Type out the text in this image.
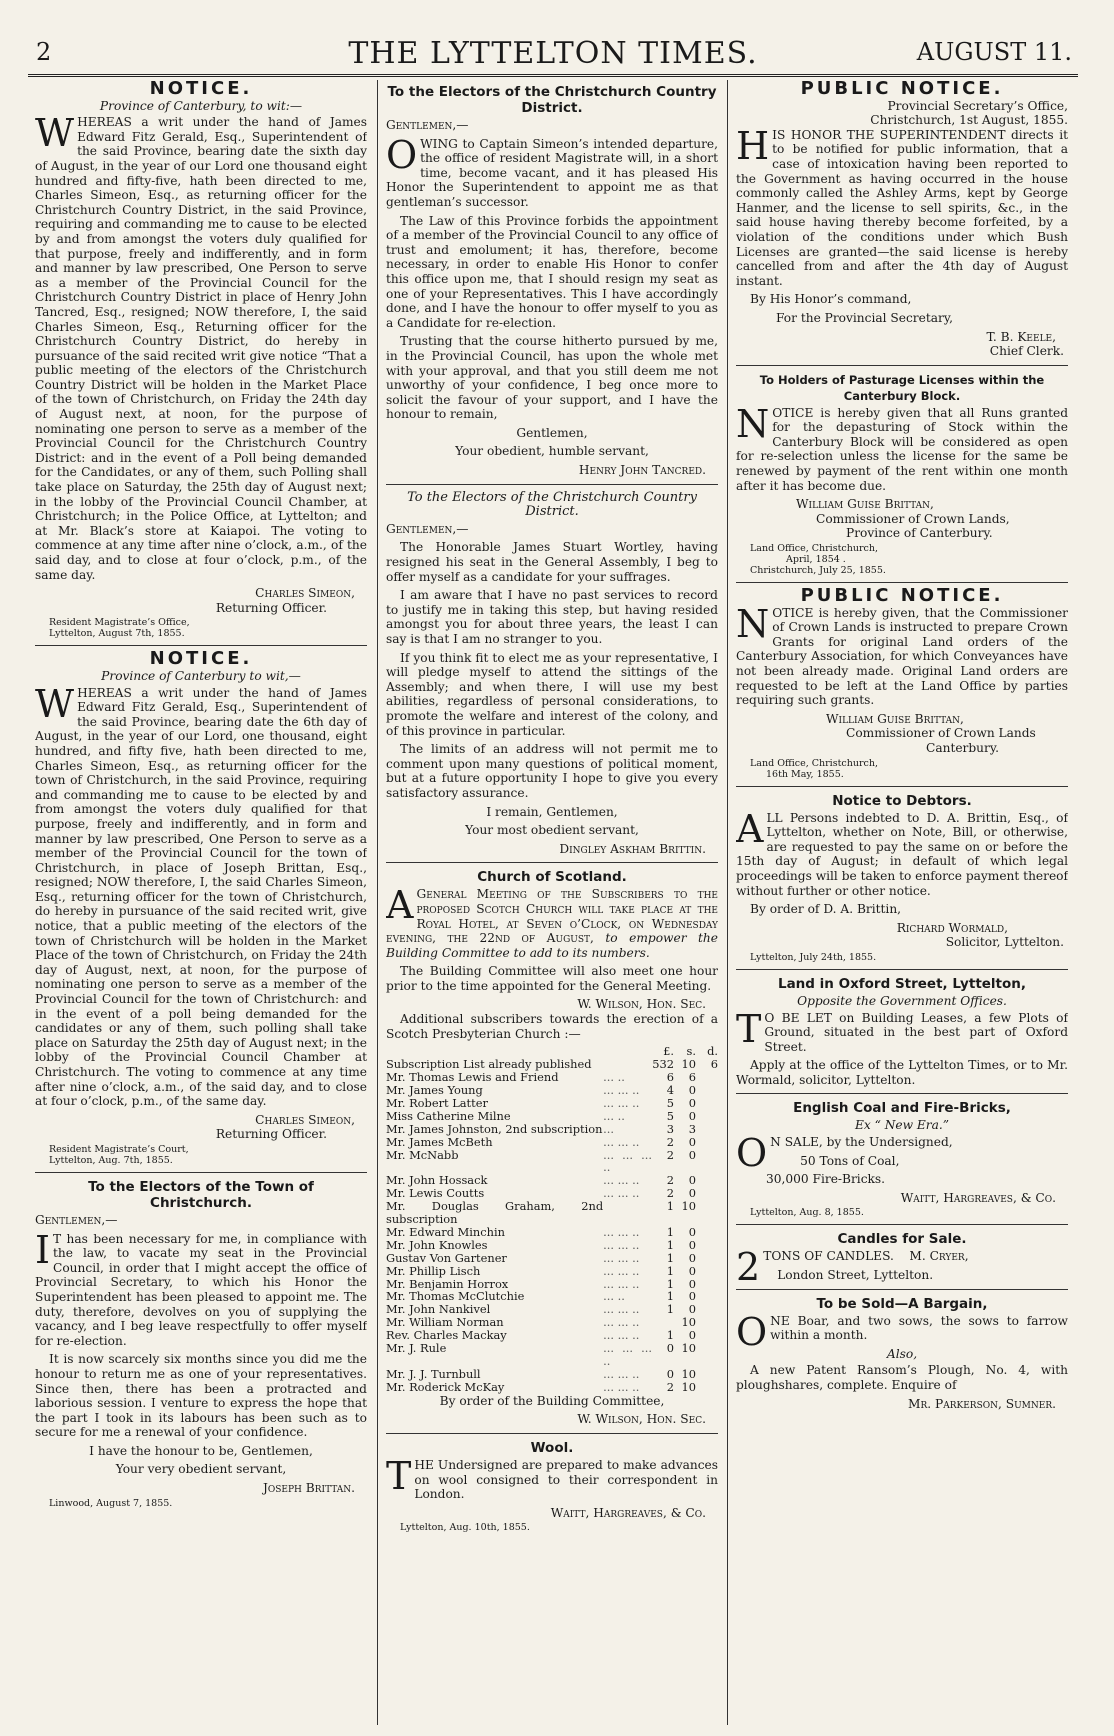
2	THE LYTTELTON TIMES.	AUGUST 11.
NOTICE.
Province of Canterbury, to wit:—

WHEREAS a writ under the hand of James Edward Fitz Gerald, Esq., Superintendent of the said Province, bearing date the sixth day of August, in the year of our Lord one thousand eight hundred and fifty-five, hath been directed to me, Charles Simeon, Esq., as returning officer for the Christchurch Country District, in the said Province, requiring and commanding me to cause to be elected by and from amongst the voters duly qualified for that purpose, freely and indifferently, and in form and manner by law prescribed, One Person to serve as a member of the Provincial Council for the Christchurch Country District in place of Henry John Tancred, Esq., resigned; NOW therefore, I, the said Charles Simeon, Esq., Returning officer for the Christchurch Country District, do hereby in pursuance of the said recited writ give notice “That a public meeting of the electors of the Christchurch Country District will be holden in the Market Place of the town of Christchurch, on Friday the 24th day of August next, at noon, for the purpose of nominating one person to serve as a member of the Provincial Council for the Christchurch Country District: and in the event of a Poll being demanded for the Candidates, or any of them, such Polling shall take place on Saturday, the 25th day of August next; in the lobby of the Provincial Council Chamber, at Christchurch; in the Police Office, at Lyttelton; and at Mr. Black’s store at Kaiapoi. The voting to commence at any time after nine o’clock, a.m., of the said day, and to close at four o’clock, p.m., of the same day.

Charles Simeon,
Returning Officer.
Resident Magistrate’s Office,
Lyttelton, August 7th, 1855.
NOTICE.
Province of Canterbury to wit,—

WHEREAS a writ under the hand of James Edward Fitz Gerald, Esq., Superintendent of the said Province, bearing date the 6th day of August, in the year of our Lord, one thousand, eight hundred, and fifty five, hath been directed to me, Charles Simeon, Esq., as returning officer for the town of Christchurch, in the said Province, requiring and commanding me to cause to be elected by and from amongst the voters duly qualified for that purpose, freely and indifferently, and in form and manner by law prescribed, One Person to serve as a member of the Provincial Council for the town of Christchurch, in place of Joseph Brittan, Esq., resigned; NOW therefore, I, the said Charles Simeon, Esq., returning officer for the town of Christchurch, do hereby in pursuance of the said recited writ, give notice, that a public meeting of the electors of the town of Christchurch will be holden in the Market Place of the town of Christchurch, on Friday the 24th day of August, next, at noon, for the purpose of nominating one person to serve as a member of the Provincial Council for the town of Christchurch: and in the event of a poll being demanded for the candidates or any of them, such polling shall take place on Saturday the 25th day of August next; in the lobby of the Provincial Council Chamber at Christchurch. The voting to commence at any time after nine o’clock, a.m., of the said day, and to close at four o’clock, p.m., of the same day.

Charles Simeon,
Returning Officer.
Resident Magistrate’s Court,
Lyttelton, Aug. 7th, 1855.
To the Electors of the Town of Christchurch.

Gentlemen,—

I T has been necessary for me, in compliance with the law, to vacate my seat in the Provincial Council, in order that I might accept the office of Provincial Secretary, to which his Honor the Superintendent has been pleased to appoint me. The duty, therefore, devolves on you of supplying the vacancy, and I beg leave respectfully to offer myself for re-election.

It is now scarcely six months since you did me the honour to return me as one of your representatives. Since then, there has been a protracted and laborious session. I venture to express the hope that the part I took in its labours has been such as to secure for me a renewal of your confidence.

I have the honour to be, Gentlemen,

Your very obedient servant,

Joseph Brittan.
Linwood, August 7, 1855.
To the Electors of the Christchurch Country District.

Gentlemen,—

OWING to Captain Simeon’s intended departure, the office of resident Magistrate will, in a short time, become vacant, and it has pleased His Honor the Superintendent to appoint me as that gentleman’s successor.

The Law of this Province forbids the appointment of a member of the Provincial Council to any office of trust and emolument; it has, therefore, become necessary, in order to enable His Honor to confer this office upon me, that I should resign my seat as one of your Representatives. This I have accordingly done, and I have the honour to offer myself to you as a Candidate for re-election.

Trusting that the course hitherto pursued by me, in the Provincial Council, has upon the whole met with your approval, and that you still deem me not unworthy of your confidence, I beg once more to solicit the favour of your support, and I have the honour to remain,

Gentlemen,

Your obedient, humble servant,

Henry John Tancred.
To the Electors of the Christchurch Country District.

Gentlemen,—

The Honorable James Stuart Wortley, having resigned his seat in the General Assembly, I beg to offer myself as a candidate for your suffrages.

I am aware that I have no past services to record to justify me in taking this step, but having resided amongst you for about three years, the least I can say is that I am no stranger to you.

If you think fit to elect me as your representative, I will pledge myself to attend the sittings of the Assembly; and when there, I will use my best abilities, regardless of personal considerations, to promote the welfare and interest of the colony, and of this province in particular.

The limits of an address will not permit me to comment upon many questions of political moment, but at a future opportunity I hope to give you every satisfactory assurance.

I remain, Gentlemen,

Your most obedient servant,

Dingley Askham Brittin.
Church of Scotland.

A General Meeting of the Subscribers to the proposed Scotch Church will take place at the Royal Hotel, at Seven o’Clock, on Wednesday evening, the 22nd of August, to empower the Building Committee to add to its numbers.

The Building Committee will also meet one hour prior to the time appointed for the General Meeting.

W. Wilson, Hon. Sec.

Additional subscribers towards the erection of a Scotch Presbyterian Church :—

		£.	s.	d.
Subscription List already published		532	10	6
Mr. Thomas Lewis and Friend	... ..	6	6	
Mr. James Young	... ... ..	4	0	
Mr. Robert Latter	... ... ..	5	0	
Miss Catherine Milne	... ..	5	0	
Mr. James Johnston, 2nd subscription	...	3	3	
Mr. James McBeth	... ... ..	2	0	
Mr. McNabb	... ... ... ..	2	0	
Mr. John Hossack	... ... ..	2	0	
Mr. Lewis Coutts	... ... ..	2	0	
Mr. Douglas Graham, 2nd subscription		1	10	
Mr. Edward Minchin	... ... ..	1	0	
Mr. John Knowles	... ... ..	1	0	
Gustav Von Gartener	... ... ..	1	0	
Mr. Phillip Lisch	... ... ..	1	0	
Mr. Benjamin Horrox	... ... ..	1	0	
Mr. Thomas McClutchie	... ..	1	0	
Mr. John Nankivel	... ... ..	1	0	
Mr. William Norman	... ... ..		10	
Rev. Charles Mackay	... ... ..	1	0	
Mr. J. Rule	... ... ... ..	0	10	
Mr. J. J. Turnbull	... ... ..	0	10	
Mr. Roderick McKay	... ... ..	2	10	

By order of the Building Committee,

W. Wilson, Hon. Sec.
Wool.

THE Undersigned are prepared to make advances on wool consigned to their correspondent in London.

Waitt, Hargreaves, & Co.
Lyttelton, Aug. 10th, 1855.
PUBLIC NOTICE.
Provincial Secretary’s Office,
Christchurch, 1st August, 1855.

HIS HONOR THE SUPERINTENDENT directs it to be notified for public information, that a case of intoxication having been reported to the Government as having occurred in the house commonly called the Ashley Arms, kept by George Hanmer, and the license to sell spirits, &c., in the said house having thereby become forfeited, by a violation of the conditions under which Bush Licenses are granted—the said license is hereby cancelled from and after the 4th day of August instant.

By His Honor’s command,

For the Provincial Secretary,

T. B. Keele,
Chief Clerk.
To Holders of Pasturage Licenses within the Canterbury Block.

NOTICE is hereby given that all Runs granted for the depasturing of Stock within the Canterbury Block will be considered as open for re-selection unless the license for the same be renewed by payment of the rent within one month after it has become due.

William Guise Brittan,
Commissioner of Crown Lands,
Province of Canterbury.
Land Office, Christchurch,
April, 1854 .
Christchurch, July 25, 1855.
PUBLIC NOTICE.

NOTICE is hereby given, that the Commissioner of Crown Lands is instructed to prepare Crown Grants for original Land orders of the Canterbury Association, for which Conveyances have not been already made. Original Land orders are requested to be left at the Land Office by parties requiring such grants.

William Guise Brittan,
Commissioner of Crown Lands
Canterbury.
Land Office, Christchurch,
16th May, 1855.
Notice to Debtors.

ALL Persons indebted to D. A. Brittin, Esq., of Lyttelton, whether on Note, Bill, or otherwise, are requested to pay the same on or before the 15th day of August; in default of which legal proceedings will be taken to enforce payment thereof without further or other notice.

By order of D. A. Brittin,

Richard Wormald,
Solicitor, Lyttelton.
Lyttelton, July 24th, 1855.
Land in Oxford Street, Lyttelton,
Opposite the Government Offices.

T O BE LET on Building Leases, a few Plots of Ground, situated in the best part of Oxford Street.

Apply at the office of the Lyttelton Times, or to Mr. Wormald, solicitor, Lyttelton.

English Coal and Fire-Bricks,
Ex “ New Era.”

O N SALE, by the Undersigned,

50 Tons of Coal,

30,000 Fire-Bricks.

Waitt, Hargreaves, & Co.
Lyttelton, Aug. 8, 1855.
Candles for Sale.

2 TONS OF CANDLES. M. Cryer,

London Street, Lyttelton.

To be Sold—A Bargain,

ONE Boar, and two sows, the sows to farrow within a month.

Also,

A new Patent Ransom’s Plough, No. 4, with ploughshares, complete. Enquire of

Mr. Parkerson, Sumner.
